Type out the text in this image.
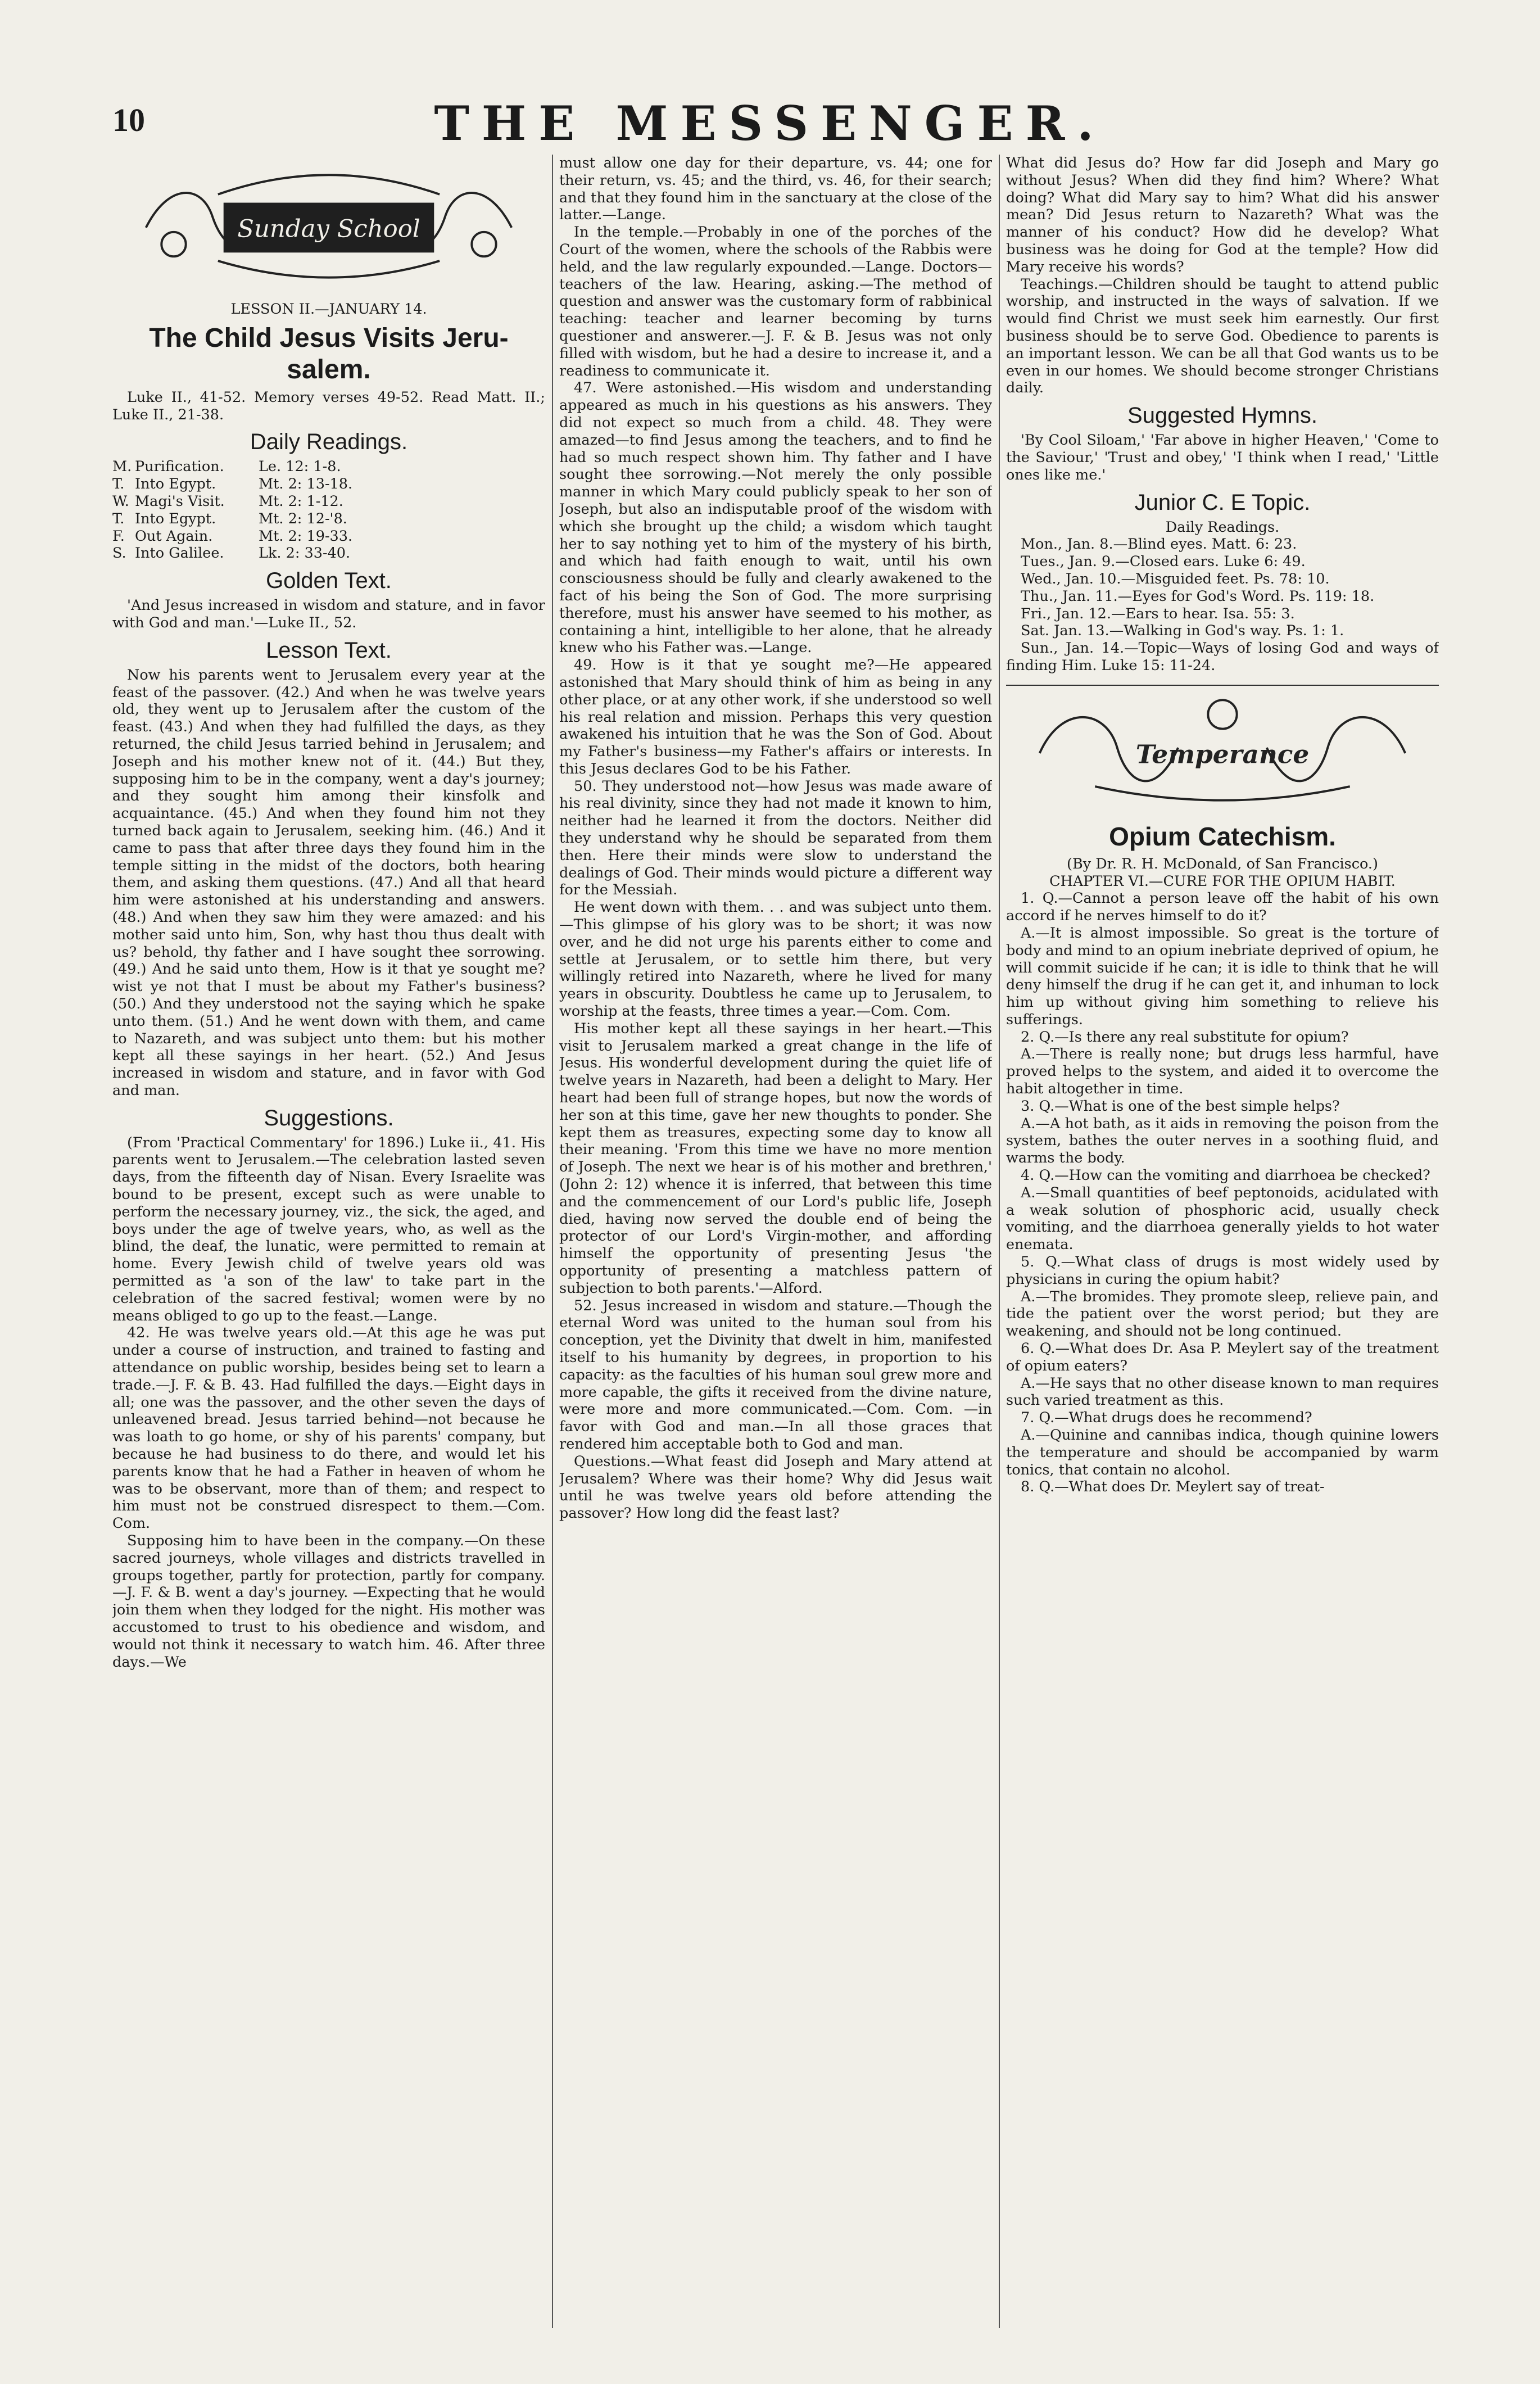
10	THE MESSENGER.
Sunday School

LESSON II.—JANUARY 14.

The Child Jesus Visits Jeru- salem.

Luke II., 41-52. Memory verses 49-52. Read Matt. II.; Luke II., 21-38.

Daily Readings.
M. Purification.	Le. 12: 1-8.
T. Into Egypt.	Mt. 2: 13-18.
W. Magi's Visit.	Mt. 2: 1-12.
T. Into Egypt.	Mt. 2: 12-'8.
F. Out Again.	Mt. 2: 19-33.
S. Into Galilee.	Lk. 2: 33-40.
Golden Text.

'And Jesus increased in wisdom and stature, and in favor with God and man.'—Luke II., 52.

Lesson Text.

Now his parents went to Jerusalem every year at the feast of the passover. (42.) And when he was twelve years old, they went up to Jerusalem after the custom of the feast. (43.) And when they had fulfilled the days, as they returned, the child Jesus tarried behind in Jerusalem; and Joseph and his mother knew not of it. (44.) But they, supposing him to be in the company, went a day's journey; and they sought him among their kinsfolk and acquaintance. (45.) And when they found him not they turned back again to Jerusalem, seeking him. (46.) And it came to pass that after three days they found him in the temple sitting in the midst of the doctors, both hearing them, and asking them questions. (47.) And all that heard him were astonished at his understanding and answers. (48.) And when they saw him they were amazed: and his mother said unto him, Son, why hast thou thus dealt with us? behold, thy father and I have sought thee sorrowing. (49.) And he said unto them, How is it that ye sought me? wist ye not that I must be about my Father's business? (50.) And they understood not the saying which he spake unto them. (51.) And he went down with them, and came to Nazareth, and was subject unto them: but his mother kept all these sayings in her heart. (52.) And Jesus increased in wisdom and stature, and in favor with God and man.

Suggestions.

(From 'Practical Commentary' for 1896.) Luke ii., 41. His parents went to Jerusalem.—The celebration lasted seven days, from the fifteenth day of Nisan. Every Israelite was bound to be present, except such as were unable to perform the necessary journey, viz., the sick, the aged, and boys under the age of twelve years, who, as well as the blind, the deaf, the lunatic, were permitted to remain at home. Every Jewish child of twelve years old was permitted as 'a son of the law' to take part in the celebration of the sacred festival; women were by no means obliged to go up to the feast.—Lange.

42. He was twelve years old.—At this age he was put under a course of instruction, and trained to fasting and attendance on public worship, besides being set to learn a trade.—J. F. & B. 43. Had fulfilled the days.—Eight days in all; one was the passover, and the other seven the days of unleavened bread. Jesus tarried behind—not because he was loath to go home, or shy of his parents' company, but because he had business to do there, and would let his parents know that he had a Father in heaven of whom he was to be observant, more than of them; and respect to him must not be construed disrespect to them.—Com. Com.

Supposing him to have been in the company.—On these sacred journeys, whole villages and districts travelled in groups together, partly for protection, partly for company.—J. F. & B. went a day's journey. —Expecting that he would join them when they lodged for the night. His mother was accustomed to trust to his obedience and wisdom, and would not think it necessary to watch him. 46. After three days.—We

must allow one day for their departure, vs. 44; one for their return, vs. 45; and the third, vs. 46, for their search; and that they found him in the sanctuary at the close of the latter.—Lange.

In the temple.—Probably in one of the porches of the Court of the women, where the schools of the Rabbis were held, and the law regularly expounded.—Lange. Doctors—teachers of the law. Hearing, asking.—The method of question and answer was the customary form of rabbinical teaching: teacher and learner becoming by turns questioner and answerer.—J. F. & B. Jesus was not only filled with wisdom, but he had a desire to increase it, and a readiness to communicate it.

47. Were astonished.—His wisdom and understanding appeared as much in his questions as his answers. They did not expect so much from a child. 48. They were amazed—to find Jesus among the teachers, and to find he had so much respect shown him. Thy father and I have sought thee sorrowing.—Not merely the only possible manner in which Mary could publicly speak to her son of Joseph, but also an indisputable proof of the wisdom with which she brought up the child; a wisdom which taught her to say nothing yet to him of the mystery of his birth, and which had faith enough to wait, until his own consciousness should be fully and clearly awakened to the fact of his being the Son of God. The more surprising therefore, must his answer have seemed to his mother, as containing a hint, intelligible to her alone, that he already knew who his Father was.—Lange.

49. How is it that ye sought me?—He appeared astonished that Mary should think of him as being in any other place, or at any other work, if she understood so well his real relation and mission. Perhaps this very question awakened his intuition that he was the Son of God. About my Father's business—my Father's affairs or interests. In this Jesus declares God to be his Father.

50. They understood not—how Jesus was made aware of his real divinity, since they had not made it known to him, neither had he learned it from the doctors. Neither did they understand why he should be separated from them then. Here their minds were slow to understand the dealings of God. Their minds would picture a different way for the Messiah.

He went down with them. . . and was subject unto them.—This glimpse of his glory was to be short; it was now over, and he did not urge his parents either to come and settle at Jerusalem, or to settle him there, but very willingly retired into Nazareth, where he lived for many years in obscurity. Doubtless he came up to Jerusalem, to worship at the feasts, three times a year.—Com. Com.

His mother kept all these sayings in her heart.—This visit to Jerusalem marked a great change in the life of Jesus. His wonderful development during the quiet life of twelve years in Nazareth, had been a delight to Mary. Her heart had been full of strange hopes, but now the words of her son at this time, gave her new thoughts to ponder. She kept them as treasures, expecting some day to know all their meaning. 'From this time we have no more mention of Joseph. The next we hear is of his mother and brethren,' (John 2: 12) whence it is inferred, that between this time and the commencement of our Lord's public life, Joseph died, having now served the double end of being the protector of our Lord's Virgin-mother, and affording himself the opportunity of presenting Jesus 'the opportunity of presenting a matchless pattern of subjection to both parents.'—Alford.

52. Jesus increased in wisdom and stature.—Though the eternal Word was united to the human soul from his conception, yet the Divinity that dwelt in him, manifested itself to his humanity by degrees, in proportion to his capacity: as the faculties of his human soul grew more and more capable, the gifts it received from the divine nature, were more and more communicated.—Com. Com. —in favor with God and man.—In all those graces that rendered him acceptable both to God and man.

Questions.—What feast did Joseph and Mary attend at Jerusalem? Where was their home? Why did Jesus wait until he was twelve years old before attending the passover? How long did the feast last?

What did Jesus do? How far did Joseph and Mary go without Jesus? When did they find him? Where? What doing? What did Mary say to him? What did his answer mean? Did Jesus return to Nazareth? What was the manner of his conduct? How did he develop? What business was he doing for God at the temple? How did Mary receive his words?

Teachings.—Children should be taught to attend public worship, and instructed in the ways of salvation. If we would find Christ we must seek him earnestly. Our first business should be to serve God. Obedience to parents is an important lesson. We can be all that God wants us to be even in our homes. We should become stronger Christians daily.

Suggested Hymns.

'By Cool Siloam,' 'Far above in higher Heaven,' 'Come to the Saviour,' 'Trust and obey,' 'I think when I read,' 'Little ones like me.'

Junior C. E Topic.

Daily Readings.

Mon., Jan. 8.—Blind eyes. Matt. 6: 23.

Tues., Jan. 9.—Closed ears. Luke 6: 49.

Wed., Jan. 10.—Misguided feet. Ps. 78: 10.

Thu., Jan. 11.—Eyes for God's Word. Ps. 119: 18.

Fri., Jan. 12.—Ears to hear. Isa. 55: 3.

Sat. Jan. 13.—Walking in God's way. Ps. 1: 1.

Sun., Jan. 14.—Topic—Ways of losing God and ways of finding Him. Luke 15: 11-24.

Temperance
Opium Catechism.

(By Dr. R. H. McDonald, of San Francisco.)

CHAPTER VI.—CURE FOR THE OPIUM HABIT.

1. Q.—Cannot a person leave off the habit of his own accord if he nerves himself to do it?

A.—It is almost impossible. So great is the torture of body and mind to an opium inebriate deprived of opium, he will commit suicide if he can; it is idle to think that he will deny himself the drug if he can get it, and inhuman to lock him up without giving him something to relieve his sufferings.

2. Q.—Is there any real substitute for opium?

A.—There is really none; but drugs less harmful, have proved helps to the system, and aided it to overcome the habit altogether in time.

3. Q.—What is one of the best simple helps?

A.—A hot bath, as it aids in removing the poison from the system, bathes the outer nerves in a soothing fluid, and warms the body.

4. Q.—How can the vomiting and diarrhoea be checked?

A.—Small quantities of beef peptonoids, acidulated with a weak solution of phosphoric acid, usually check vomiting, and the diarrhoea generally yields to hot water enemata.

5. Q.—What class of drugs is most widely used by physicians in curing the opium habit?

A.—The bromides. They promote sleep, relieve pain, and tide the patient over the worst period; but they are weakening, and should not be long continued.

6. Q.—What does Dr. Asa P. Meylert say of the treatment of opium eaters?

A.—He says that no other disease known to man requires such varied treatment as this.

7. Q.—What drugs does he recommend?

A.—Quinine and cannibas indica, though quinine lowers the temperature and should be accompanied by warm tonics, that contain no alcohol.

8. Q.—What does Dr. Meylert say of treat-
